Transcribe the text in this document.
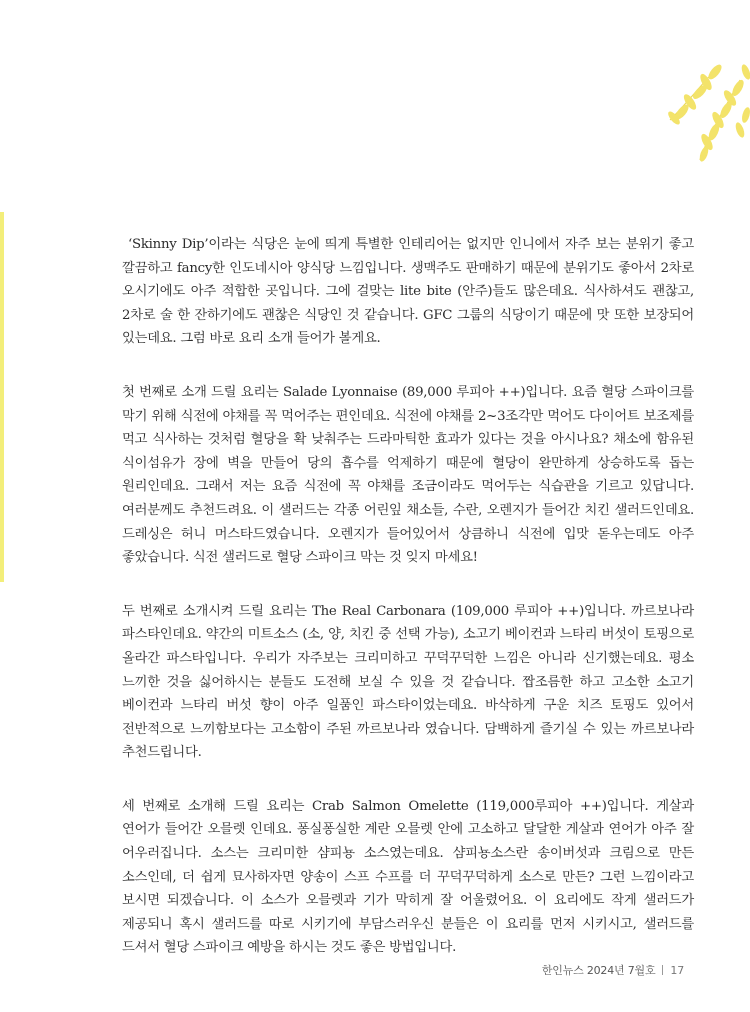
‘Skinny Dip’이라는 식당은 눈에 띄게 특별한 인테리어는 없지만 인니에서 자주 보는 분위기 좋고 깔끔하고 fancy한 인도네시아 양식당 느낌입니다. 생맥주도 판매하기 때문에 분위기도 좋아서 2차로 오시기에도 아주 적합한 곳입니다. 그에 걸맞는 lite bite (안주)들도 많은데요. 식사하셔도 괜찮고, 2차로 술 한 잔하기에도 괜찮은 식당인 것 같습니다. GFC 그룹의 식당이기 때문에 맛 또한 보장되어 있는데요. 그럼 바로 요리 소개 들어가 볼게요.

첫 번째로 소개 드릴 요리는 Salade Lyonnaise (89,000 루피아 ++)입니다. 요즘 혈당 스파이크를 막기 위해 식전에 야채를 꼭 먹어주는 편인데요. 식전에 야채를 2~3조각만 먹어도 다이어트 보조제를 먹고 식사하는 것처럼 혈당을 확 낮춰주는 드라마틱한 효과가 있다는 것을 아시나요? 채소에 함유된 식이섬유가 장에 벽을 만들어 당의 흡수를 억제하기 때문에 혈당이 완만하게 상승하도록 돕는 원리인데요. 그래서 저는 요즘 식전에 꼭 야채를 조금이라도 먹어두는 식습관을 기르고 있답니다. 여러분께도 추천드려요. 이 샐러드는 각종 어린잎 채소들, 수란, 오렌지가 들어간 치킨 샐러드인데요. 드레싱은 허니 머스타드였습니다. 오렌지가 들어있어서 상큼하니 식전에 입맛 돋우는데도 아주 좋았습니다. 식전 샐러드로 혈당 스파이크 막는 것 잊지 마세요!

두 번째로 소개시켜 드릴 요리는 The Real Carbonara (109,000 루피아 ++)입니다. 까르보나라 파스타인데요. 약간의 미트소스 (소, 양, 치킨 중 선택 가능), 소고기 베이컨과 느타리 버섯이 토핑으로 올라간 파스타입니다. 우리가 자주보는 크리미하고 꾸덕꾸덕한 느낌은 아니라 신기했는데요. 평소 느끼한 것을 싫어하시는 분들도 도전해 보실 수 있을 것 같습니다. 짭조름한 하고 고소한 소고기 베이컨과 느타리 버섯 향이 아주 일품인 파스타이었는데요. 바삭하게 구운 치즈 토핑도 있어서 전반적으로 느끼함보다는 고소함이 주된 까르보나라 였습니다. 담백하게 즐기실 수 있는 까르보나라 추천드립니다.

세 번째로 소개해 드릴 요리는 Crab Salmon Omelette (119,000루피아 ++)입니다. 게살과 연어가 들어간 오믈렛 인데요. 퐁실퐁실한 계란 오믈렛 안에 고소하고 달달한 게살과 연어가 아주 잘 어우러집니다. 소스는 크리미한 샴피뇽 소스였는데요. 샴피뇽소스란 송이버섯과 크림으로 만든 소스인데, 더 쉽게 묘사하자면 양송이 스프 수프를 더 꾸덕꾸덕하게 소스로 만든? 그런 느낌이라고 보시면 되겠습니다. 이 소스가 오믈렛과 기가 막히게 잘 어울렸어요. 이 요리에도 작게 샐러드가 제공되니 혹시 샐러드를 따로 시키기에 부담스러우신 분들은 이 요리를 먼저 시키시고, 샐러드를 드셔서 혈당 스파이크 예방을 하시는 것도 좋은 방법입니다.

한인뉴스 2024년 7월호 17
